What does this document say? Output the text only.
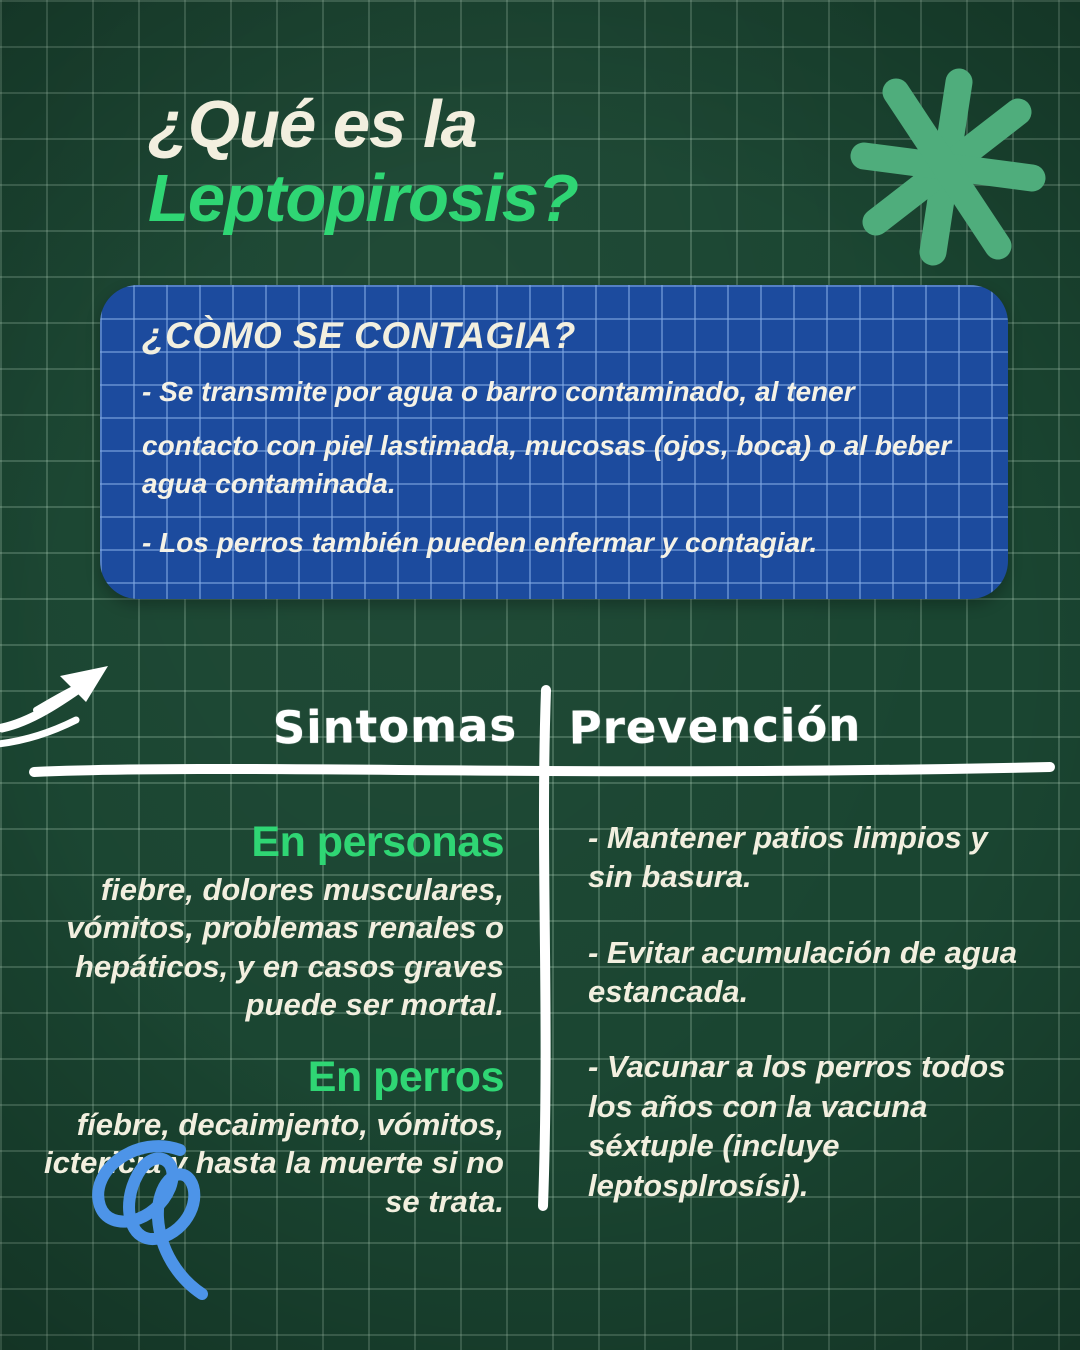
¿Qué es la
Leptopirosis?
¿CÒMO SE CONTAGIA?

- Se transmite por agua o barro contaminado, al tener

contacto con piel lastimada, mucosas (ojos, boca) o al beber agua contaminada.

- Los perros también pueden enfermar y contagiar.

Sintomas	Prevención
En personas

fiebre, dolores musculares, vómitos, problemas renales o hepáticos, y en casos graves puede ser mortal.

En perros

fíebre, decaimjento, vómitos, ictericia y hasta la muerte si no se trata.

- Mantener patios limpios y sin basura.

- Evitar acumulación de agua estancada.

- Vacunar a los perros todos los años con la vacuna séxtuple (incluye leptosplrosísi).
